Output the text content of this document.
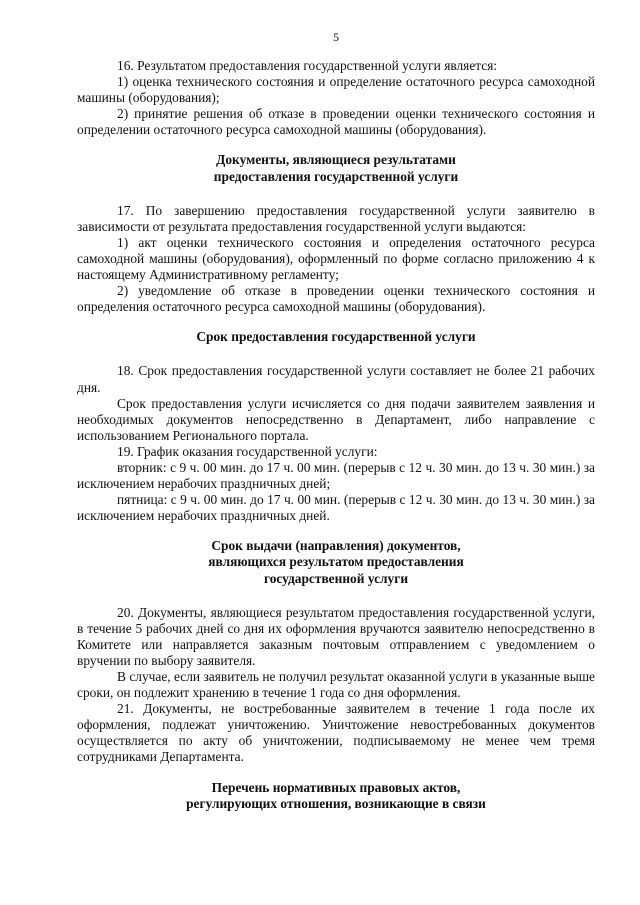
5

16. Результатом предоставления государственной услуги является:

1) оценка технического состояния и определение остаточного ресурса самоходной машины (оборудования);

2) принятие решения об отказе в проведении оценки технического состояния и определении остаточного ресурса самоходной машины (оборудования).

Документы, являющиеся результатами
предоставления государственной услуги

17. По завершению предоставления государственной услуги заявителю в зависимости от результата предоставления государственной услуги выдаются:

1) акт оценки технического состояния и определения остаточного ресурса самоходной машины (оборудования), оформленный по форме согласно приложению 4 к настоящему Административному регламенту;

2) уведомление об отказе в проведении оценки технического состояния и определения остаточного ресурса самоходной машины (оборудования).

Срок предоставления государственной услуги

18. Срок предоставления государственной услуги составляет не более 21 рабочих дня.

Срок предоставления услуги исчисляется со дня подачи заявителем заявления и необходимых документов непосредственно в Департамент, либо направление с использованием Регионального портала.

19. График оказания государственной услуги:

вторник: с 9 ч. 00 мин. до 17 ч. 00 мин. (перерыв с 12 ч. 30 мин. до 13 ч. 30 мин.) за исключением нерабочих праздничных дней;

пятница: с 9 ч. 00 мин. до 17 ч. 00 мин. (перерыв с 12 ч. 30 мин. до 13 ч. 30 мин.) за исключением нерабочих праздничных дней.

Срок выдачи (направления) документов,
являющихся результатом предоставления
государственной услуги

20. Документы, являющиеся результатом предоставления государственной услуги, в течение 5 рабочих дней со дня их оформления вручаются заявителю непосредственно в Комитете или направляется заказным почтовым отправлением с уведомлением о вручении по выбору заявителя.

В случае, если заявитель не получил результат оказанной услуги в указанные выше сроки, он подлежит хранению в течение 1 года со дня оформления.

21. Документы, не востребованные заявителем в течение 1 года после их оформления, подлежат уничтожению. Уничтожение невостребованных документов осуществляется по акту об уничтожении, подписываемому не менее чем тремя сотрудниками Департамента.

Перечень нормативных правовых актов,
регулирующих отношения, возникающие в связи
